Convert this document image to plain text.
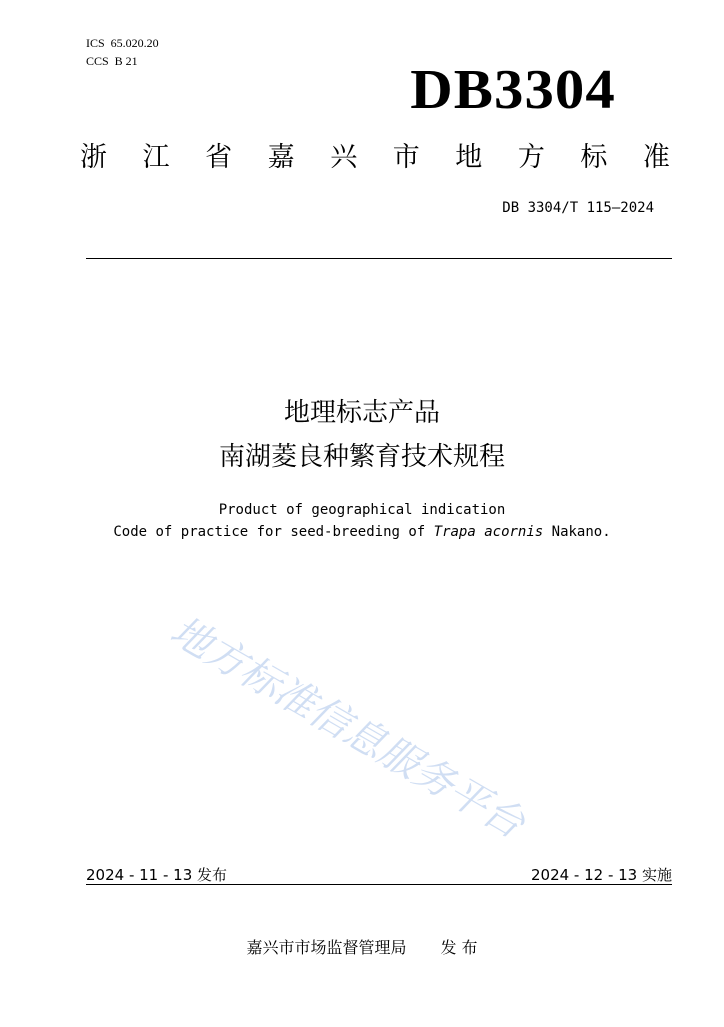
ICS  65.020.20
CCS  B 21	DB3304
浙 江 省 嘉 兴 市 地 方 标 准
DB 3304/T 115—2024
地理标志产品
南湖菱良种繁育技术规程
Product of geographical indication
Code of practice for seed-breeding of Trapa acornis Nakano.
地方标准信息服务平台
2024 - 11 - 13 发布	2024 - 12 - 13 实施
嘉兴市市场监督管理局 发 布
